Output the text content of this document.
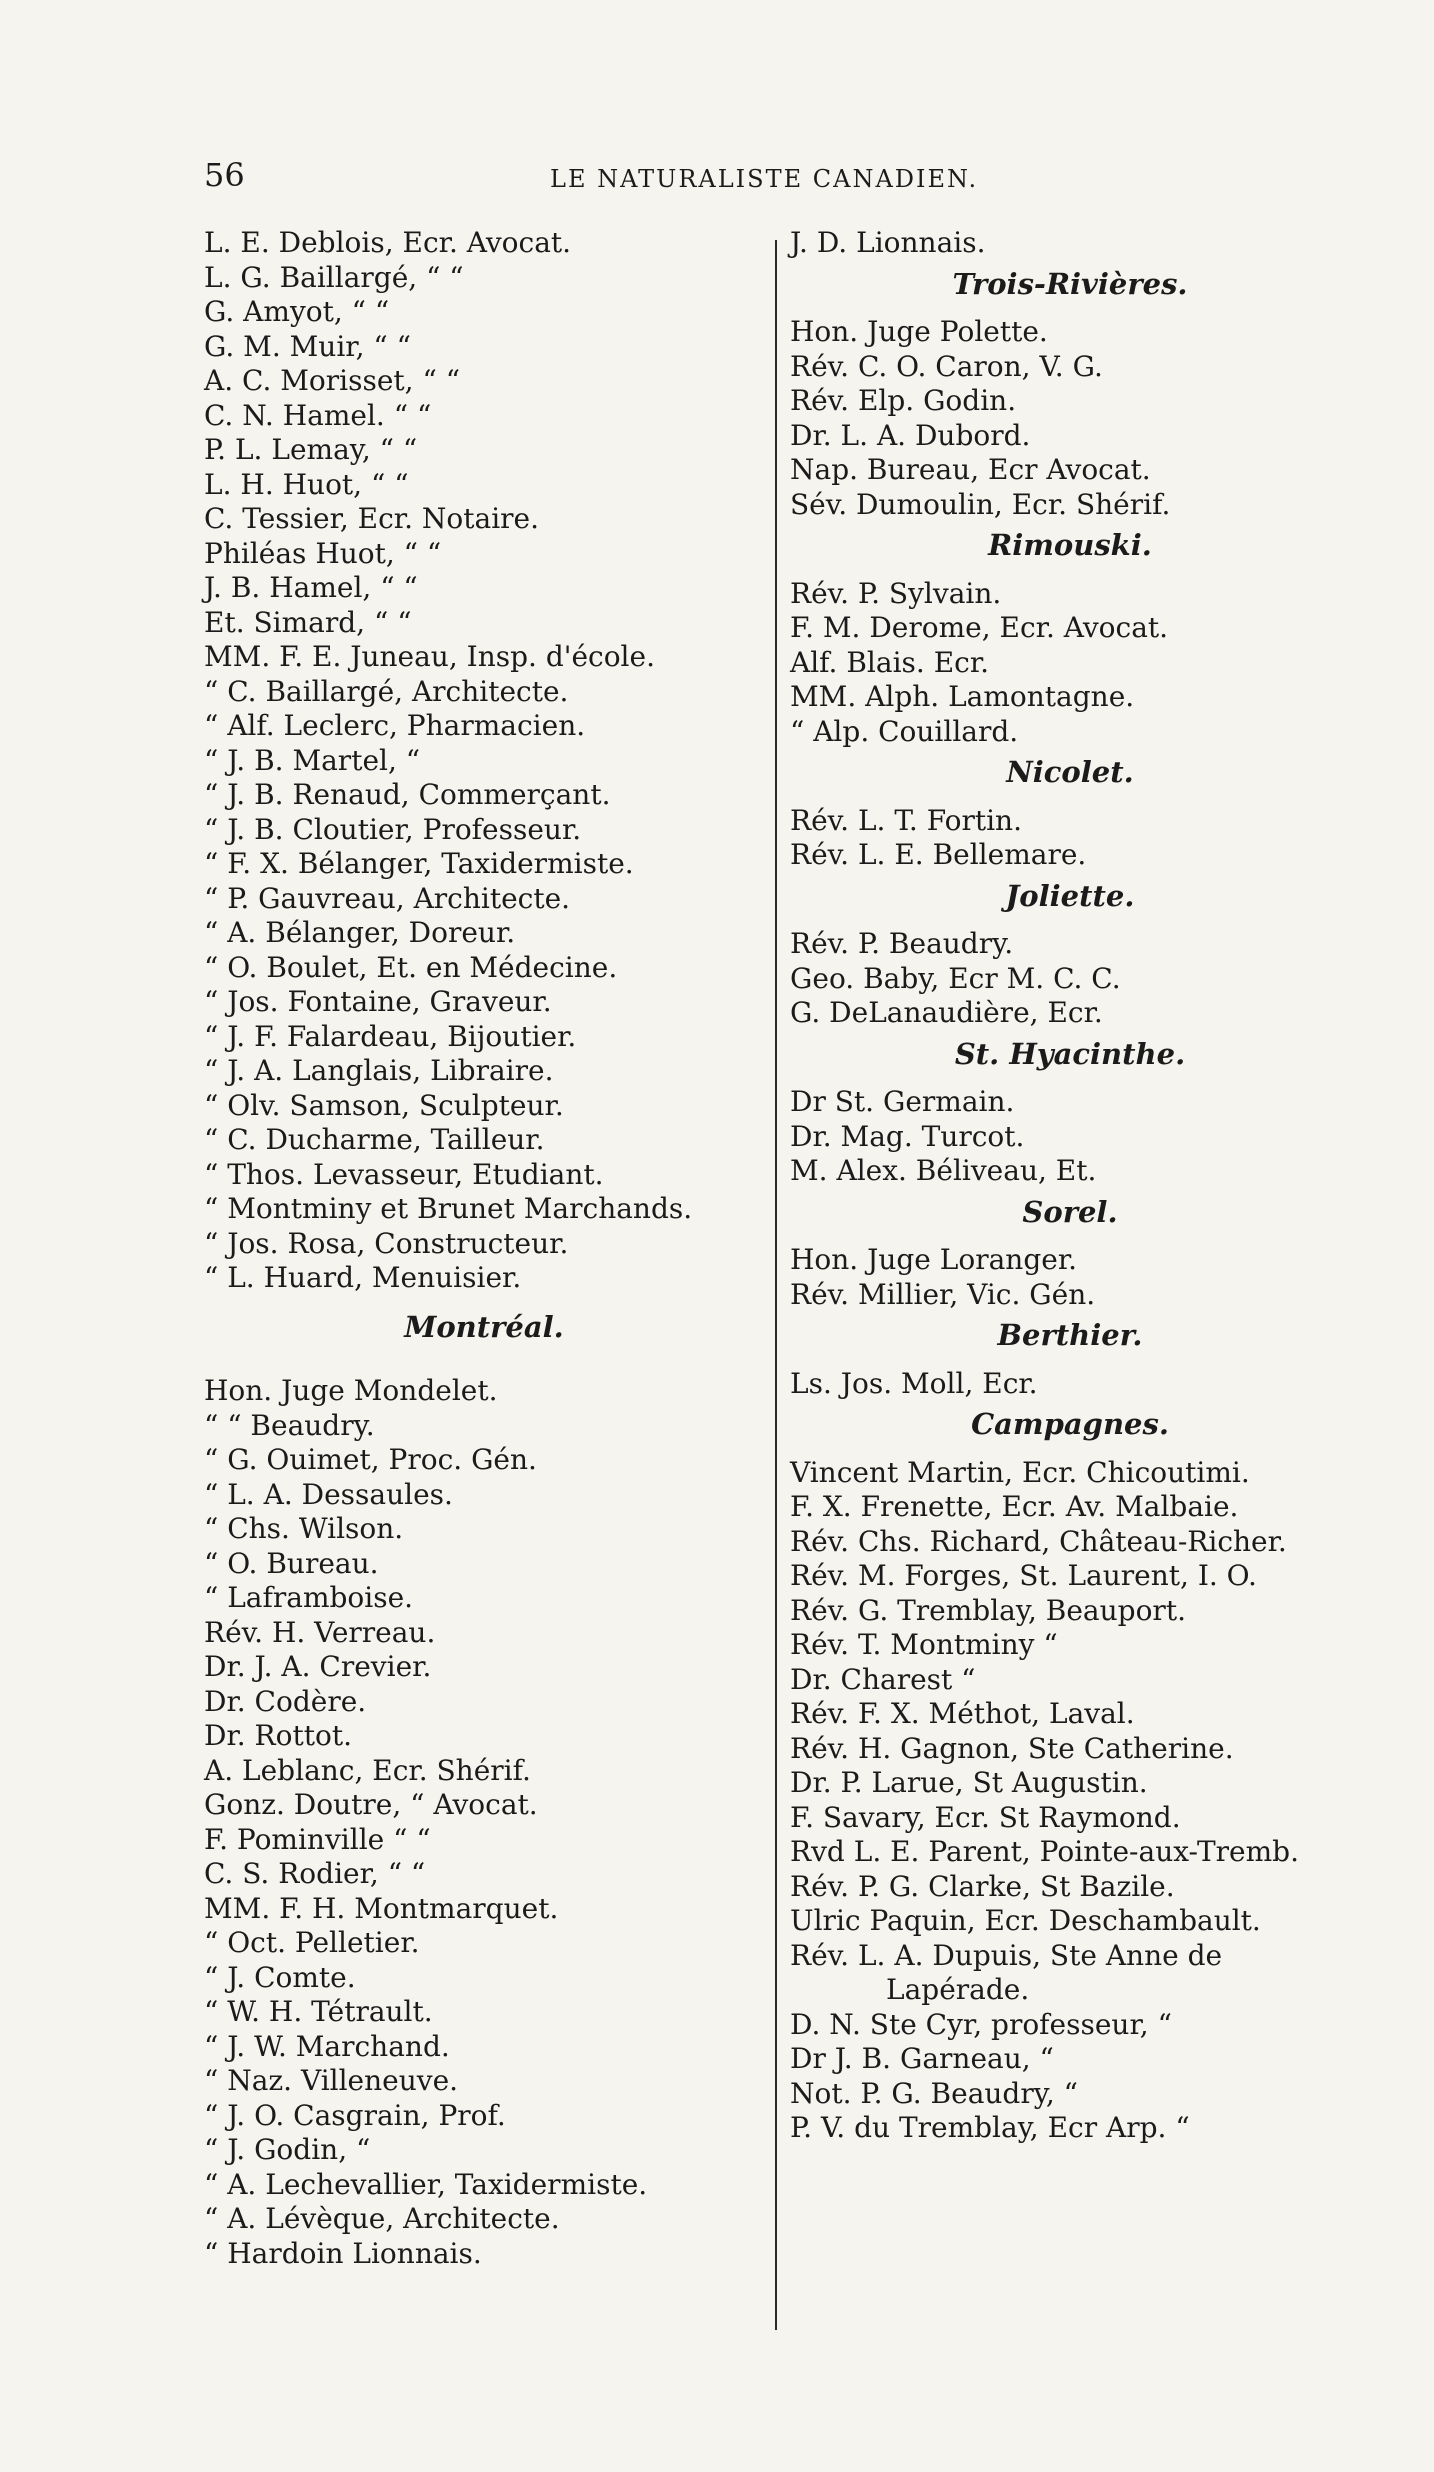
56	LE NATURALISTE CANADIEN.
L. E. Deblois, Ecr. Avocat.
L. G. Baillargé, “ “
G. Amyot, “ “
G. M. Muir, “ “
A. C. Morisset, “ “
C. N. Hamel. “ “
P. L. Lemay, “ “
L. H. Huot, “ “
C. Tessier, Ecr. Notaire.
Philéas Huot, “ “
J. B. Hamel, “ “
Et. Simard, “ “
MM. F. E. Juneau, Insp. d'école.
“ C. Baillargé, Architecte.
“ Alf. Leclerc, Pharmacien.
“ J. B. Martel, “
“ J. B. Renaud, Commerçant.
“ J. B. Cloutier, Professeur.
“ F. X. Bélanger, Taxidermiste.
“ P. Gauvreau, Architecte.
“ A. Bélanger, Doreur.
“ O. Boulet, Et. en Médecine.
“ Jos. Fontaine, Graveur.
“ J. F. Falardeau, Bijoutier.
“ J. A. Langlais, Libraire.
“ Olv. Samson, Sculpteur.
“ C. Ducharme, Tailleur.
“ Thos. Levasseur, Etudiant.
“ Montminy et Brunet Marchands.
“ Jos. Rosa, Constructeur.
“ L. Huard, Menuisier.
Montréal.
Hon. Juge Mondelet.
“ “ Beaudry.
“ G. Ouimet, Proc. Gén.
“ L. A. Dessaules.
“ Chs. Wilson.
“ O. Bureau.
“ Laframboise.
Rév. H. Verreau.
Dr. J. A. Crevier.
Dr. Codère.
Dr. Rottot.
A. Leblanc, Ecr. Shérif.
Gonz. Doutre, “ Avocat.
F. Pominville “ “
C. S. Rodier, “ “
MM. F. H. Montmarquet.
“ Oct. Pelletier.
“ J. Comte.
“ W. H. Tétrault.
“ J. W. Marchand.
“ Naz. Villeneuve.
“ J. O. Casgrain, Prof.
“ J. Godin, “
“ A. Lechevallier, Taxidermiste.
“ A. Lévèque, Architecte.
“ Hardoin Lionnais.
J. D. Lionnais.
Trois-Rivières.
Hon. Juge Polette.
Rév. C. O. Caron, V. G.
Rév. Elp. Godin.
Dr. L. A. Dubord.
Nap. Bureau, Ecr Avocat.
Sév. Dumoulin, Ecr. Shérif.
Rimouski.
Rév. P. Sylvain.
F. M. Derome, Ecr. Avocat.
Alf. Blais. Ecr.
MM. Alph. Lamontagne.
“ Alp. Couillard.
Nicolet.
Rév. L. T. Fortin.
Rév. L. E. Bellemare.
Joliette.
Rév. P. Beaudry.
Geo. Baby, Ecr M. C. C.
G. DeLanaudière, Ecr.
St. Hyacinthe.
Dr St. Germain.
Dr. Mag. Turcot.
M. Alex. Béliveau, Et.
Sorel.
Hon. Juge Loranger.
Rév. Millier, Vic. Gén.
Berthier.
Ls. Jos. Moll, Ecr.
Campagnes.
Vincent Martin, Ecr. Chicoutimi.
F. X. Frenette, Ecr. Av. Malbaie.
Rév. Chs. Richard, Château-Richer.
Rév. M. Forges, St. Laurent, I. O.
Rév. G. Tremblay, Beauport.
Rév. T. Montminy “
Dr. Charest “
Rév. F. X. Méthot, Laval.
Rév. H. Gagnon, Ste Catherine.
Dr. P. Larue, St Augustin.
F. Savary, Ecr. St Raymond.
Rvd L. E. Parent, Pointe-aux-Tremb.
Rév. P. G. Clarke, St Bazile.
Ulric Paquin, Ecr. Deschambault.
Rév. L. A. Dupuis, Ste Anne de
Lapérade.
D. N. Ste Cyr, professeur, “
Dr J. B. Garneau, “
Not. P. G. Beaudry, “
P. V. du Tremblay, Ecr Arp. “
